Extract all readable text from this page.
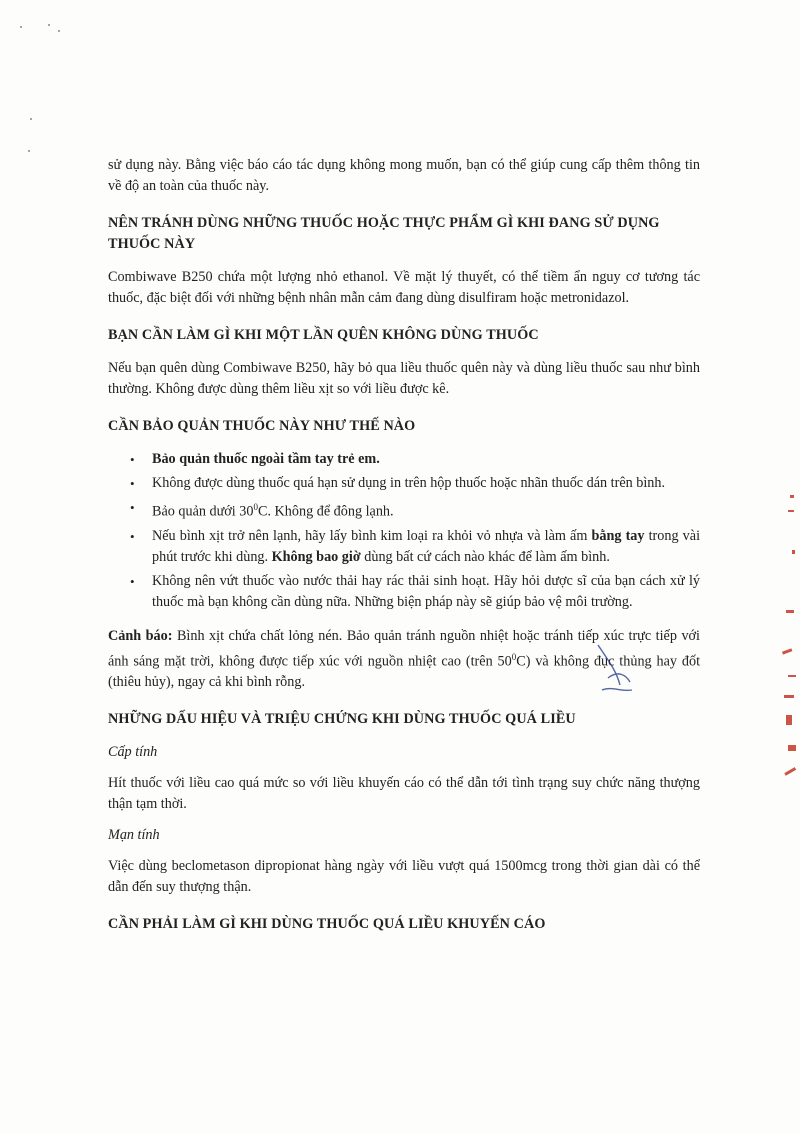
sử dụng này. Bằng việc báo cáo tác dụng không mong muốn, bạn có thể giúp cung cấp thêm thông tin về độ an toàn của thuốc này.

NÊN TRÁNH DÙNG NHỮNG THUỐC HOẶC THỰC PHẨM GÌ KHI ĐANG SỬ DỤNG THUỐC NÀY

Combiwave B250 chứa một lượng nhỏ ethanol. Về mặt lý thuyết, có thể tiềm ẩn nguy cơ tương tác thuốc, đặc biệt đối với những bệnh nhân mẫn cảm đang dùng disulfiram hoặc metronidazol.

BẠN CẦN LÀM GÌ KHI MỘT LẦN QUÊN KHÔNG DÙNG THUỐC

Nếu bạn quên dùng Combiwave B250, hãy bỏ qua liều thuốc quên này và dùng liều thuốc sau như bình thường. Không được dùng thêm liều xịt so với liều được kê.

CẦN BẢO QUẢN THUỐC NÀY NHƯ THẾ NÀO
• Bảo quản thuốc ngoài tầm tay trẻ em.
• Không được dùng thuốc quá hạn sử dụng in trên hộp thuốc hoặc nhãn thuốc dán trên bình.
• Bảo quản dưới $30^0C$. Không để đông lạnh.
• Nếu bình xịt trở nên lạnh, hãy lấy bình kim loại ra khỏi vỏ nhựa và làm ấm bằng tay trong vài phút trước khi dùng. Không bao giờ dùng bất cứ cách nào khác để làm ấm bình.
• Không nên vứt thuốc vào nước thải hay rác thải sinh hoạt. Hãy hỏi dược sĩ của bạn cách xử lý thuốc mà bạn không cần dùng nữa. Những biện pháp này sẽ giúp bảo vệ môi trường.

Cảnh báo: Bình xịt chứa chất lỏng nén. Bảo quản tránh nguồn nhiệt hoặc tránh tiếp xúc trực tiếp với ánh sáng mặt trời, không được tiếp xúc với nguồn nhiệt cao (trên $50^0C$) và không đục thủng hay đốt (thiêu hủy), ngay cả khi bình rỗng.

NHỮNG DẤU HIỆU VÀ TRIỆU CHỨNG KHI DÙNG THUỐC QUÁ LIỀU

Cấp tính

Hít thuốc với liều cao quá mức so với liều khuyến cáo có thể dẫn tới tình trạng suy chức năng thượng thận tạm thời.

Mạn tính

Việc dùng beclometason dipropionat hàng ngày với liều vượt quá 1500mcg trong thời gian dài có thể dẫn đến suy thượng thận.

CẦN PHẢI LÀM GÌ KHI DÙNG THUỐC QUÁ LIỀU KHUYẾN CÁO
